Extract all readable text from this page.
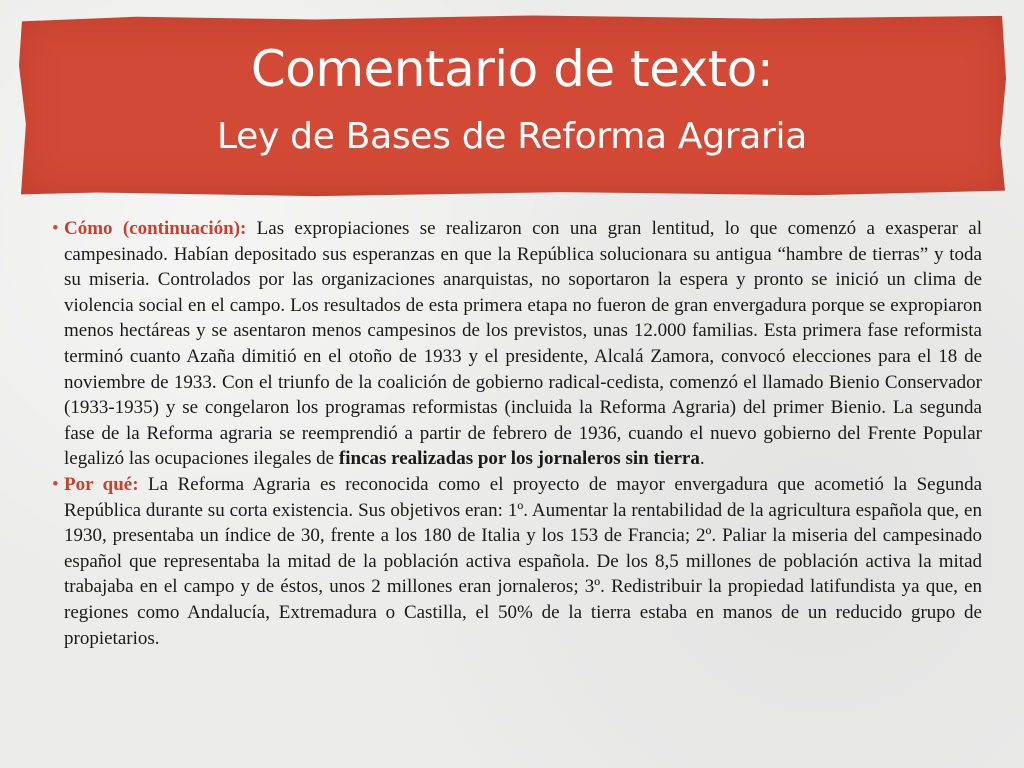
Comentario de texto:
Ley de Bases de Reforma Agraria

• Cómo (continuación): Las expropiaciones se realizaron con una gran lentitud, lo que comenzó a exasperar al campesinado. Habían depositado sus esperanzas en que la República solucionara su antigua “hambre de tierras” y toda su miseria. Controlados por las organizaciones anarquistas, no soportaron la espera y pronto se inició un clima de violencia social en el campo. Los resultados de esta primera etapa no fueron de gran envergadura porque se expropiaron menos hectáreas y se asentaron menos campesinos de los previstos, unas 12.000 familias. Esta primera fase reformista terminó cuanto Azaña dimitió en el otoño de 1933 y el presidente, Alcalá Zamora, convocó elecciones para el 18 de noviembre de 1933. Con el triunfo de la coalición de gobierno radical-cedista, comenzó el llamado Bienio Conservador (1933-1935) y se congelaron los programas reformistas (incluida la Reforma Agraria) del primer Bienio. La segunda fase de la Reforma agraria se reemprendió a partir de febrero de 1936, cuando el nuevo gobierno del Frente Popular legalizó las ocupaciones ilegales de fincas realizadas por los jornaleros sin tierra.

• Por qué: La Reforma Agraria es reconocida como el proyecto de mayor envergadura que acometió la Segunda República durante su corta existencia. Sus objetivos eran: 1º. Aumentar la rentabilidad de la agricultura española que, en 1930, presentaba un índice de 30, frente a los 180 de Italia y los 153 de Francia; 2º. Paliar la miseria del campesinado español que representaba la mitad de la población activa española. De los 8,5 millones de población activa la mitad trabajaba en el campo y de éstos, unos 2 millones eran jornaleros; 3º. Redistribuir la propiedad latifundista ya que, en regiones como Andalucía, Extremadura o Castilla, el 50% de la tierra estaba en manos de un reducido grupo de propietarios.
